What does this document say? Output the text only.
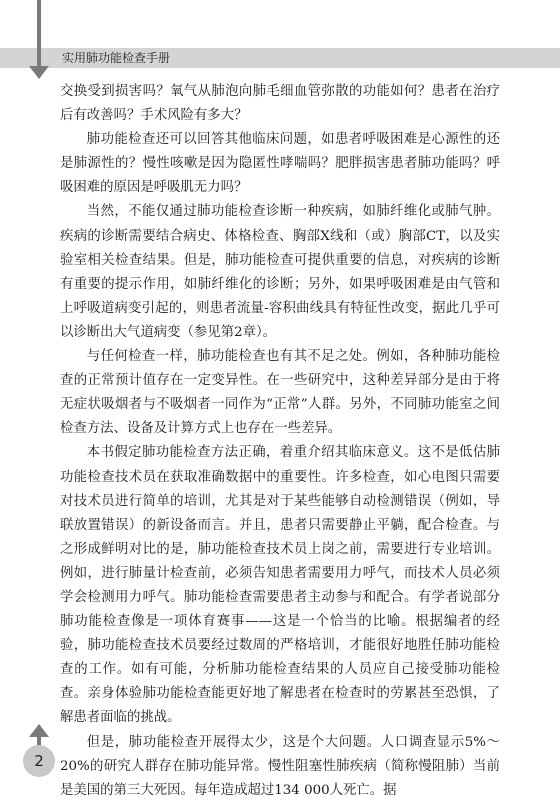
实用肺功能检查手册

交换受到损害吗？氧气从肺泡向肺毛细血管弥散的功能如何？患者在治疗后有改善吗？手术风险有多大？

肺功能检查还可以回答其他临床问题，如患者呼吸困难是心源性的还是肺源性的？慢性咳嗽是因为隐匿性哮喘吗？肥胖损害患者肺功能吗？呼吸困难的原因是呼吸肌无力吗？

当然，不能仅通过肺功能检查诊断一种疾病，如肺纤维化或肺气肿。疾病的诊断需要结合病史、体格检查、胸部X线和（或）胸部CT，以及实验室相关检查结果。但是，肺功能检查可提供重要的信息，对疾病的诊断有重要的提示作用，如肺纤维化的诊断；另外，如果呼吸困难是由气管和上呼吸道病变引起的，则患者流量-容积曲线具有特征性改变，据此几乎可以诊断出大气道病变（参见第2章）。

与任何检查一样，肺功能检查也有其不足之处。例如，各种肺功能检查的正常预计值存在一定变异性。在一些研究中，这种差异部分是由于将无症状吸烟者与不吸烟者一同作为“正常”人群。另外，不同肺功能室之间检查方法、设备及计算方式上也存在一些差异。

本书假定肺功能检查方法正确，着重介绍其临床意义。这不是低估肺功能检查技术员在获取准确数据中的重要性。许多检查，如心电图只需要对技术员进行简单的培训，尤其是对于某些能够自动检测错误（例如，导联放置错误）的新设备而言。并且，患者只需要静止平躺，配合检查。与之形成鲜明对比的是，肺功能检查技术员上岗之前，需要进行专业培训。例如，进行肺量计检查前，必须告知患者需要用力呼气，而技术人员必须学会检测用力呼气。肺功能检查需要患者主动参与和配合。有学者说部分肺功能检查像是一项体育赛事——这是一个恰当的比喻。根据编者的经验，肺功能检查技术员要经过数周的严格培训，才能很好地胜任肺功能检查的工作。如有可能，分析肺功能检查结果的人员应自己接受肺功能检查。亲身体验肺功能检查能更好地了解患者在检查时的劳累甚至恐惧，了解患者面临的挑战。

但是，肺功能检查开展得太少，这是个大问题。人口调查显示5%～20%的研究人群存在肺功能异常。慢性阻塞性肺疾病（简称慢阻肺）当前是美国的第三大死因。每年造成超过134 000人死亡。据

2
